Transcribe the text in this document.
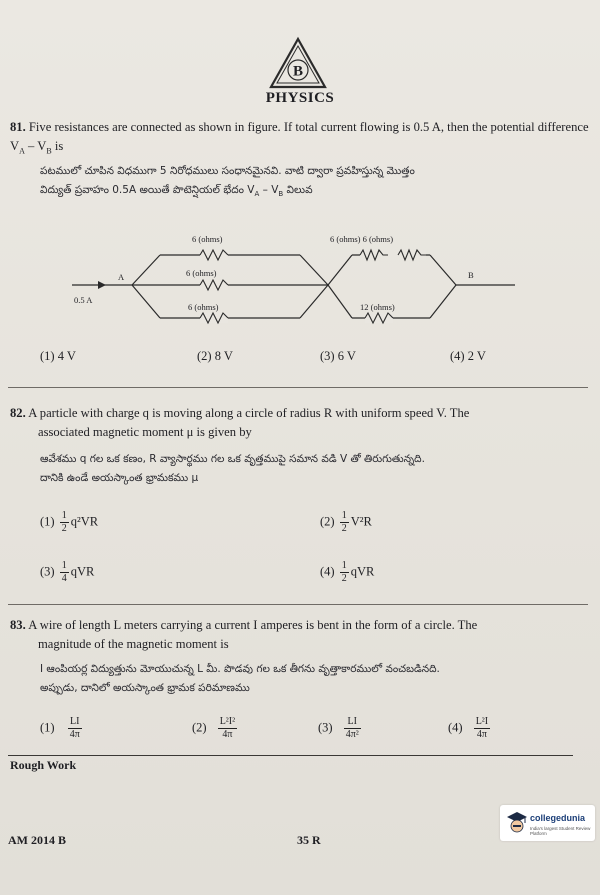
B
PHYSICS
81. Five resistances are connected as shown in figure. If total current flowing is 0.5 A, then the potential difference $V_A - V_B$ is
పటములో చూపిన విధముగా 5 నిరోధములు సంధానమైనవి. వాటి ద్వారా ప్రవహిస్తున్న మొత్తం
విద్యుత్ ప్రవాహం 0.5A అయితే పొటెన్షియల్ భేదం $V_A - V_B$ విలువ
6 (ohms)
6 (ohms)
6 (ohms)
6 (ohms) 6 (ohms)
12 (ohms)
A	B
0.5 A
(1) 4 V	(2) 8 V	(3) 6 V	(4) 2 V
82. A particle with charge q is moving along a circle of radius R with uniform speed V. The
associated magnetic moment μ is given by
ఆవేశము q గల ఒక కణం, R వ్యాసార్థము గల ఒక వృత్తముపై సమాన వడి V తో తిరుగుతున్నది.
దానికి ఉండే అయస్కాంత భ్రామకము μ
$(1) \frac{1}{2} q^2VR$	$(2) \frac{1}{2} V^2R$
$(3) \frac{1}{4}$ qVR	$(4) \frac{1}{2}$ qVR
83. A wire of length L meters carrying a current I amperes is bent in the form of a circle. The
magnitude of the magnetic moment is
I ఆంపియర్ల విద్యుత్తును మోయుచున్న L మీ. పొడవు గల ఒక తీగను వృత్తాకారములో వంచబడినది.
అప్పుడు, దానిలో అయస్కాంత భ్రామక పరిమాణము
$(1) \frac{LI}{4\pi}$	$(2) \frac{\text{L²I²}}{4\pi}$	$(3) \frac{LI}{\text{4π²}}$	$(4) \frac{\text{L²I}}{4\pi}$
Rough Work
AM 2014 B	35 R
collegedunia
India's largest Student Review Platform
